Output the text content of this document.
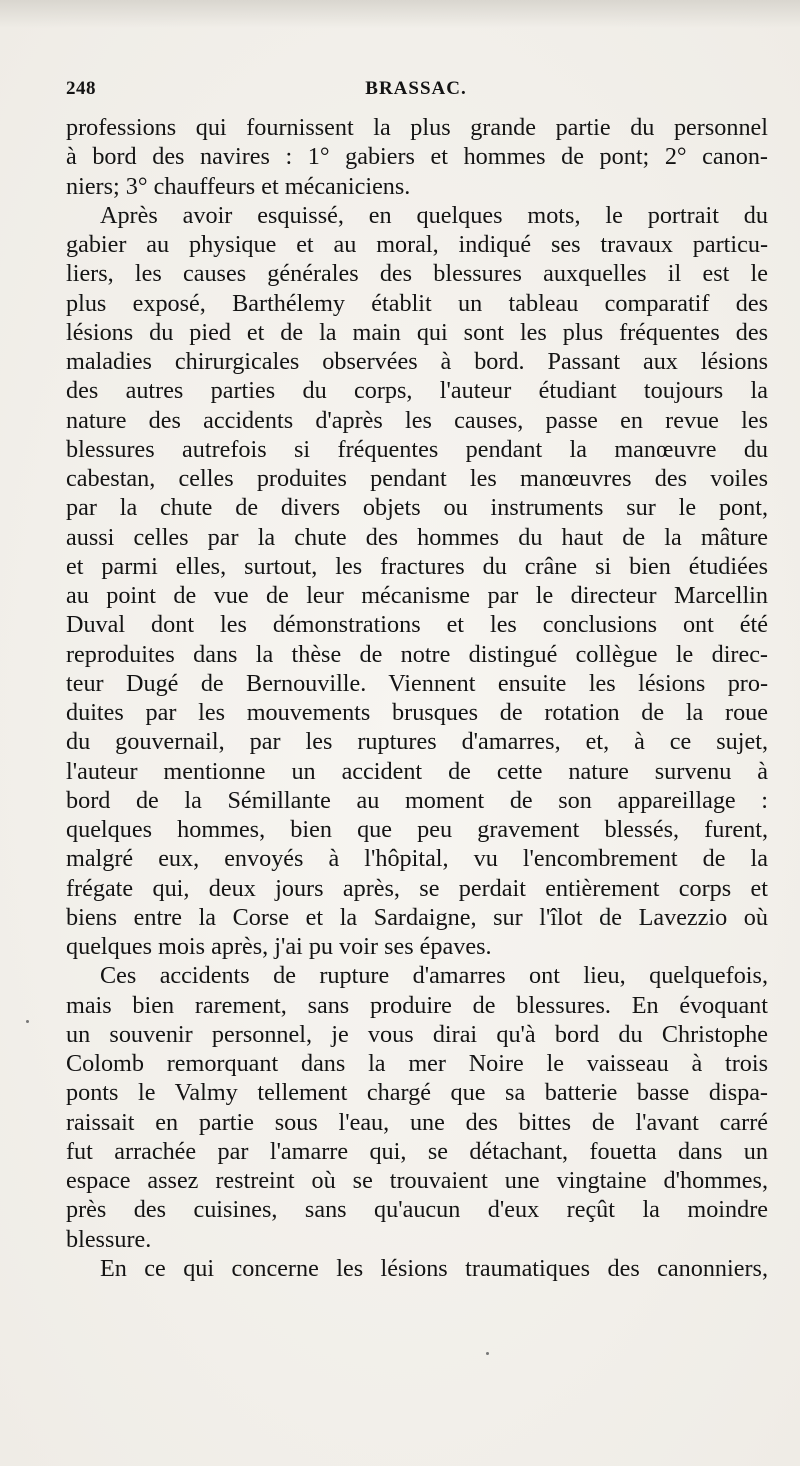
248	BRASSAC.
professions qui fournissent la plus grande partie du personnel
à bord des navires : 1° gabiers et hommes de pont; 2° canon-
niers; 3° chauffeurs et mécaniciens.
Après avoir esquissé, en quelques mots, le portrait du
gabier au physique et au moral, indiqué ses travaux particu-
liers, les causes générales des blessures auxquelles il est le
plus exposé, Barthélemy établit un tableau comparatif des
lésions du pied et de la main qui sont les plus fréquentes des
maladies chirurgicales observées à bord. Passant aux lésions
des autres parties du corps, l'auteur étudiant toujours la
nature des accidents d'après les causes, passe en revue les
blessures autrefois si fréquentes pendant la manœuvre du
cabestan, celles produites pendant les manœuvres des voiles
par la chute de divers objets ou instruments sur le pont,
aussi celles par la chute des hommes du haut de la mâture
et parmi elles, surtout, les fractures du crâne si bien étudiées
au point de vue de leur mécanisme par le directeur Marcellin
Duval dont les démonstrations et les conclusions ont été
reproduites dans la thèse de notre distingué collègue le direc-
teur Dugé de Bernouville. Viennent ensuite les lésions pro-
duites par les mouvements brusques de rotation de la roue
du gouvernail, par les ruptures d'amarres, et, à ce sujet,
l'auteur mentionne un accident de cette nature survenu à
bord de la Sémillante au moment de son appareillage :
quelques hommes, bien que peu gravement blessés, furent,
malgré eux, envoyés à l'hôpital, vu l'encombrement de la
frégate qui, deux jours après, se perdait entièrement corps et
biens entre la Corse et la Sardaigne, sur l'îlot de Lavezzio où
quelques mois après, j'ai pu voir ses épaves.
Ces accidents de rupture d'amarres ont lieu, quelquefois,
mais bien rarement, sans produire de blessures. En évoquant
un souvenir personnel, je vous dirai qu'à bord du Christophe
Colomb remorquant dans la mer Noire le vaisseau à trois
ponts le Valmy tellement chargé que sa batterie basse dispa-
raissait en partie sous l'eau, une des bittes de l'avant carré
fut arrachée par l'amarre qui, se détachant, fouetta dans un
espace assez restreint où se trouvaient une vingtaine d'hommes,
près des cuisines, sans qu'aucun d'eux reçût la moindre
blessure.
En ce qui concerne les lésions traumatiques des canonniers,
